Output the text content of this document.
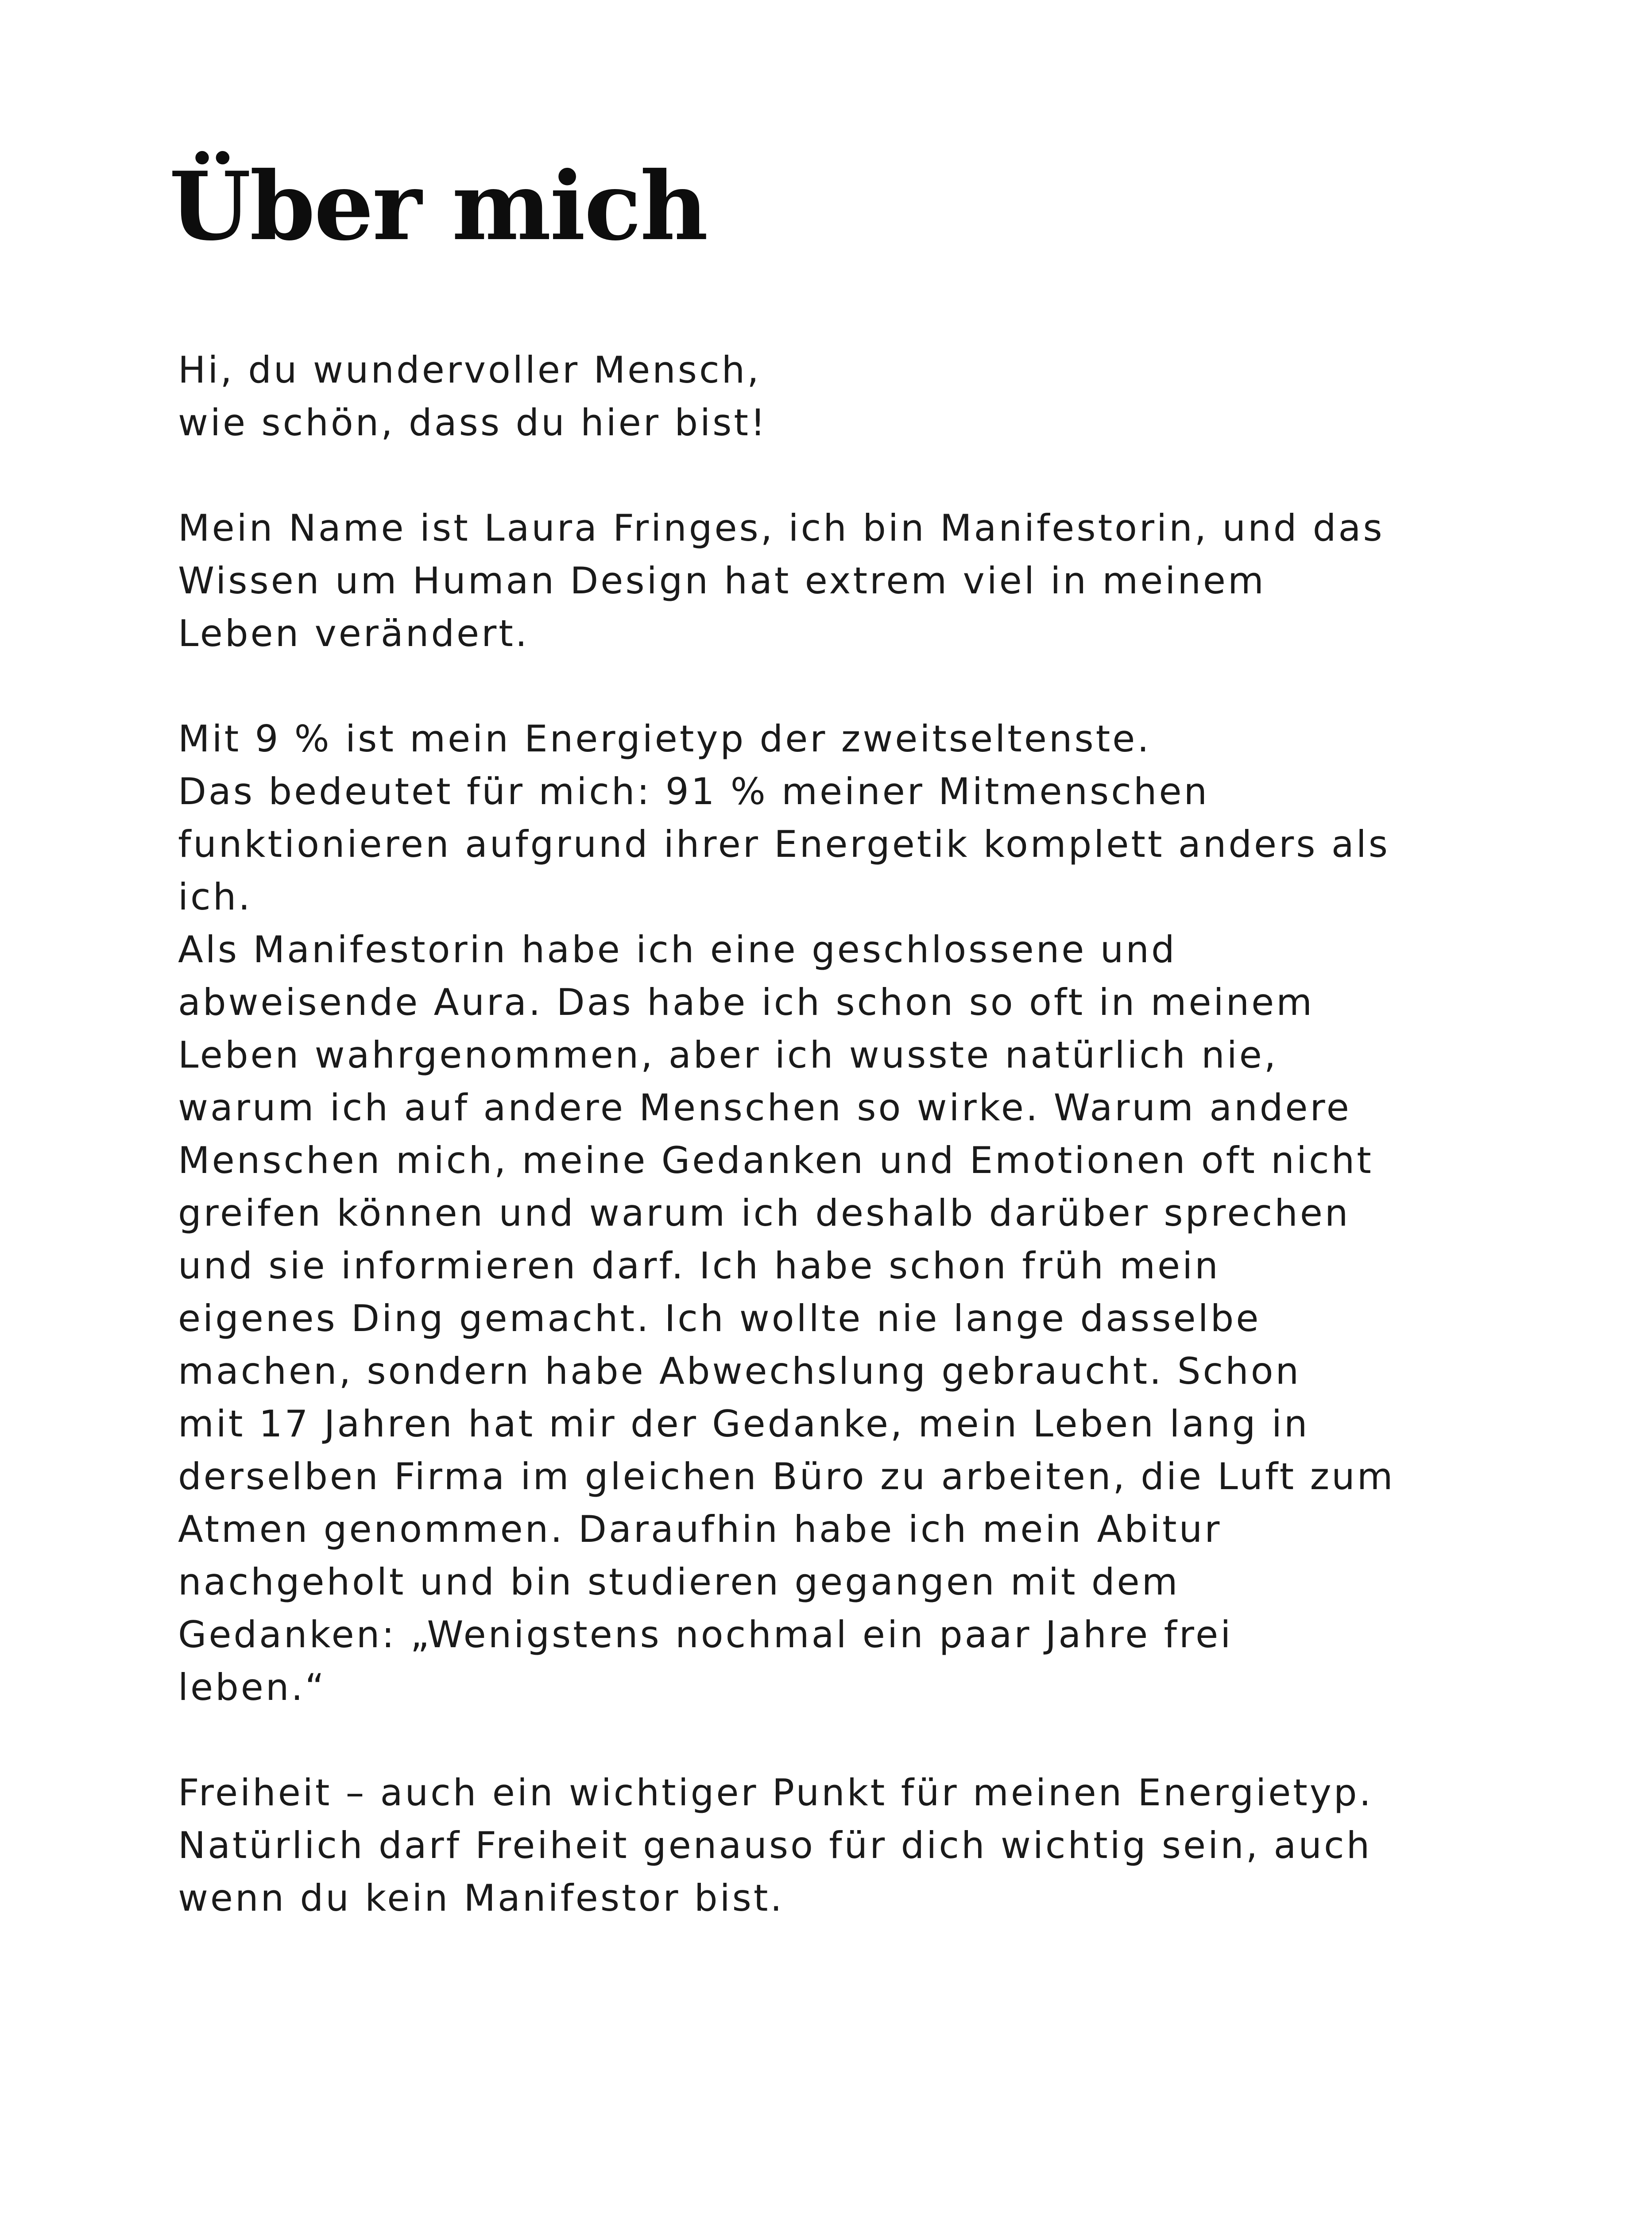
Über mich

Hi, du wundervoller Mensch,
wie schön, dass du hier bist!

Mein Name ist Laura Fringes, ich bin Manifestorin, und das
Wissen um Human Design hat extrem viel in meinem
Leben verändert.

Mit 9 % ist mein Energietyp der zweitseltenste.
Das bedeutet für mich: 91 % meiner Mitmenschen
funktionieren aufgrund ihrer Energetik komplett anders als
ich.
Als Manifestorin habe ich eine geschlossene und
abweisende Aura. Das habe ich schon so oft in meinem
Leben wahrgenommen, aber ich wusste natürlich nie,
warum ich auf andere Menschen so wirke. Warum andere
Menschen mich, meine Gedanken und Emotionen oft nicht
greifen können und warum ich deshalb darüber sprechen
und sie informieren darf. Ich habe schon früh mein
eigenes Ding gemacht. Ich wollte nie lange dasselbe
machen, sondern habe Abwechslung gebraucht. Schon
mit 17 Jahren hat mir der Gedanke, mein Leben lang in
derselben Firma im gleichen Büro zu arbeiten, die Luft zum
Atmen genommen. Daraufhin habe ich mein Abitur
nachgeholt und bin studieren gegangen mit dem
Gedanken: „Wenigstens nochmal ein paar Jahre frei
leben.“

Freiheit – auch ein wichtiger Punkt für meinen Energietyp.
Natürlich darf Freiheit genauso für dich wichtig sein, auch
wenn du kein Manifestor bist.
